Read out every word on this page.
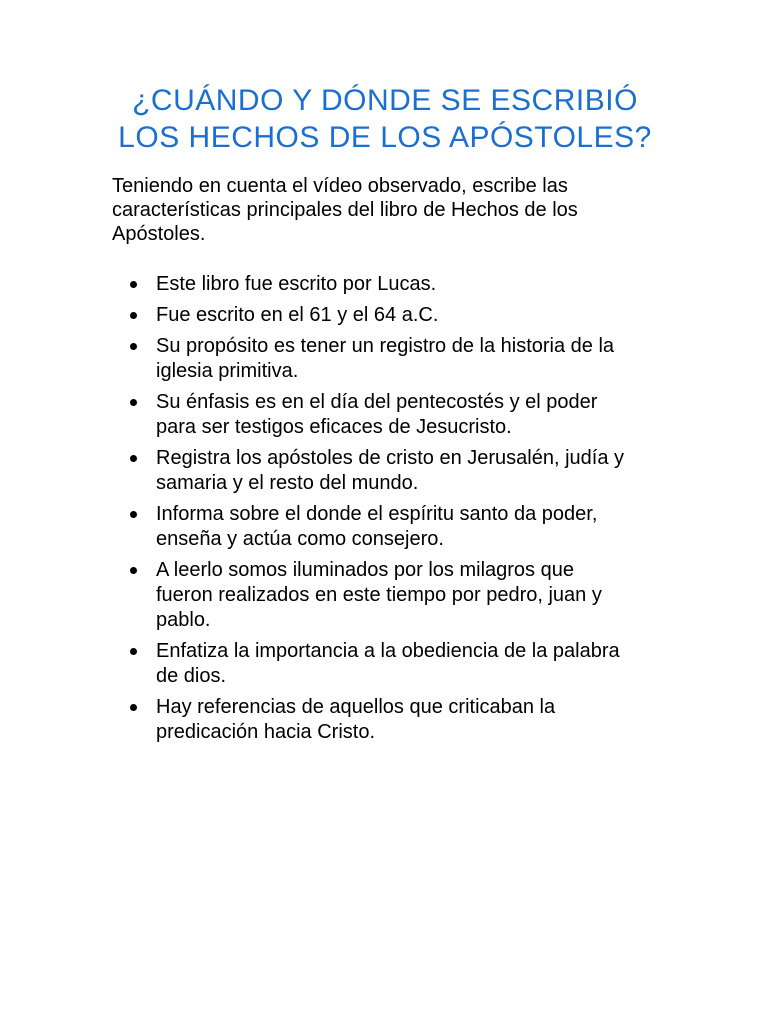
¿CUÁNDO Y DÓNDE SE ESCRIBIÓ
LOS HECHOS DE LOS APÓSTOLES?

Teniendo en cuenta el vídeo observado, escribe las
características principales del libro de Hechos de los
Apóstoles.

Este libro fue escrito por Lucas.
Fue escrito en el 61 y el 64 a.C.
Su propósito es tener un registro de la historia de la
iglesia primitiva.
Su énfasis es en el día del pentecostés y el poder
para ser testigos eficaces de Jesucristo.
Registra los apóstoles de cristo en Jerusalén, judía y
samaria y el resto del mundo.
Informa sobre el donde el espíritu santo da poder,
enseña y actúa como consejero.
A leerlo somos iluminados por los milagros que
fueron realizados en este tiempo por pedro, juan y
pablo.
Enfatiza la importancia a la obediencia de la palabra
de dios.
Hay referencias de aquellos que criticaban la
predicación hacia Cristo.
